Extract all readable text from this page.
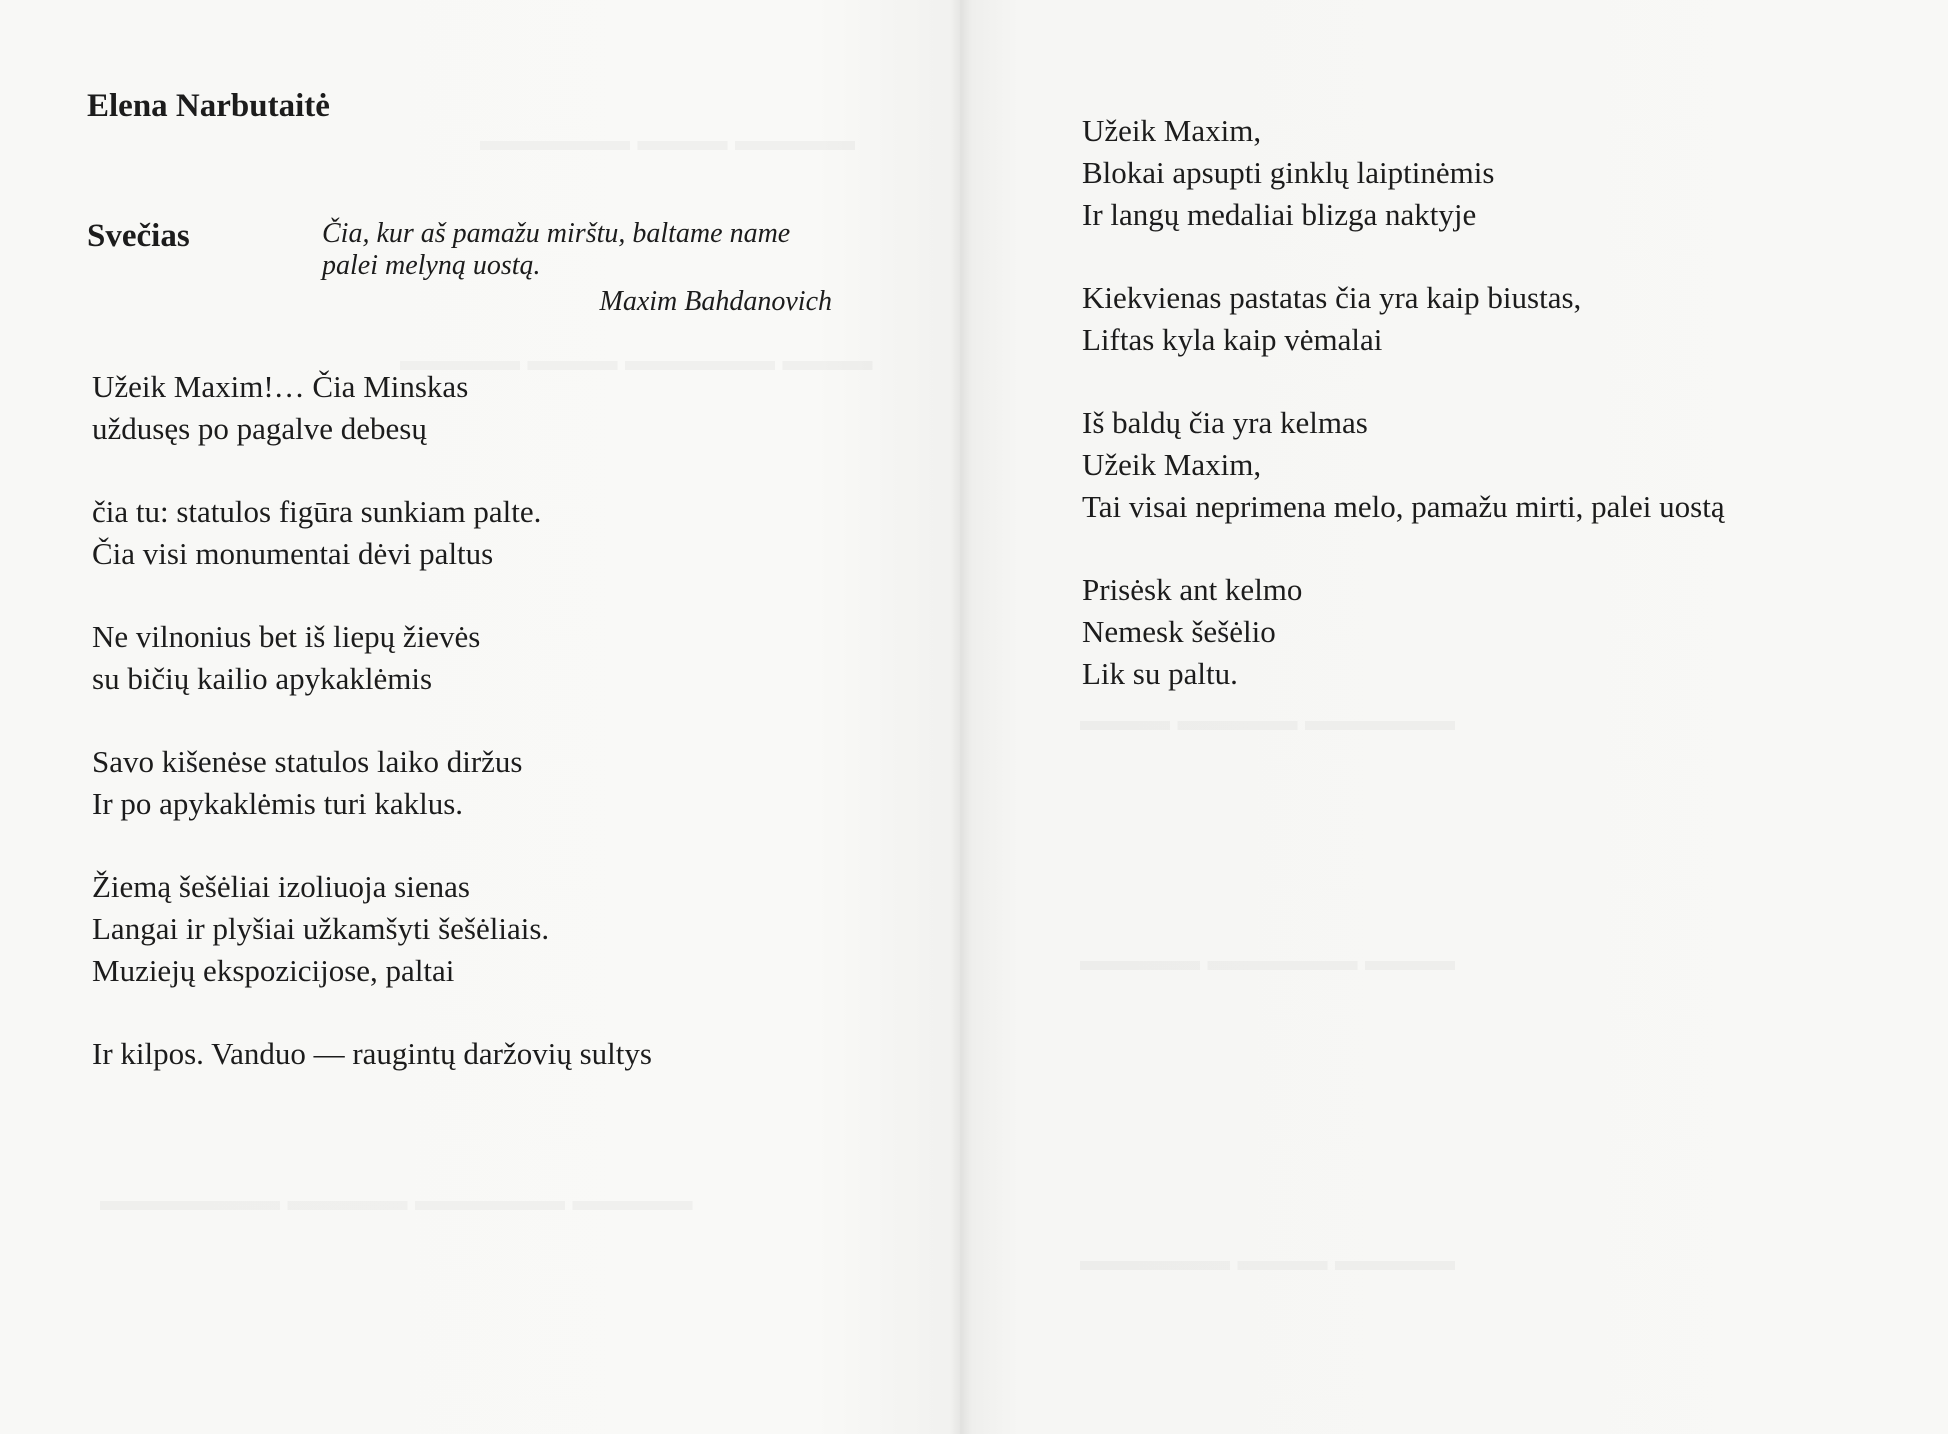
Elena Narbutaitė
Svečias	Čia, kur aš pamažu mirštu, baltame name

palei melyną uostą.

Maxim Bahdanovich

Užeik Maxim!… Čia Minskas
uždusęs po pagalve debesų
čia tu: statulos figūra sunkiam palte.
Čia visi monumentai dėvi paltus
Ne vilnonius bet iš liepų žievės
su bičių kailio apykaklėmis
Savo kišenėse statulos laiko diržus
Ir po apykaklėmis turi kaklus.
Žiemą šešėliai izoliuoja sienas
Langai ir plyšiai užkamšyti šešėliais.
Muziejų ekspozicijose, paltai
Ir kilpos. Vanduo — raugintų daržovių sultys
Užeik Maxim,
Blokai apsupti ginklų laiptinėmis
Ir langų medaliai blizga naktyje
Kiekvienas pastatas čia yra kaip biustas,
Liftas kyla kaip vėmalai
Iš baldų čia yra kelmas
Užeik Maxim,
Tai visai neprimena melo, pamažu mirti, palei uostą
Prisėsk ant kelmo
Nemesk šešėlio
Lik su paltu.
